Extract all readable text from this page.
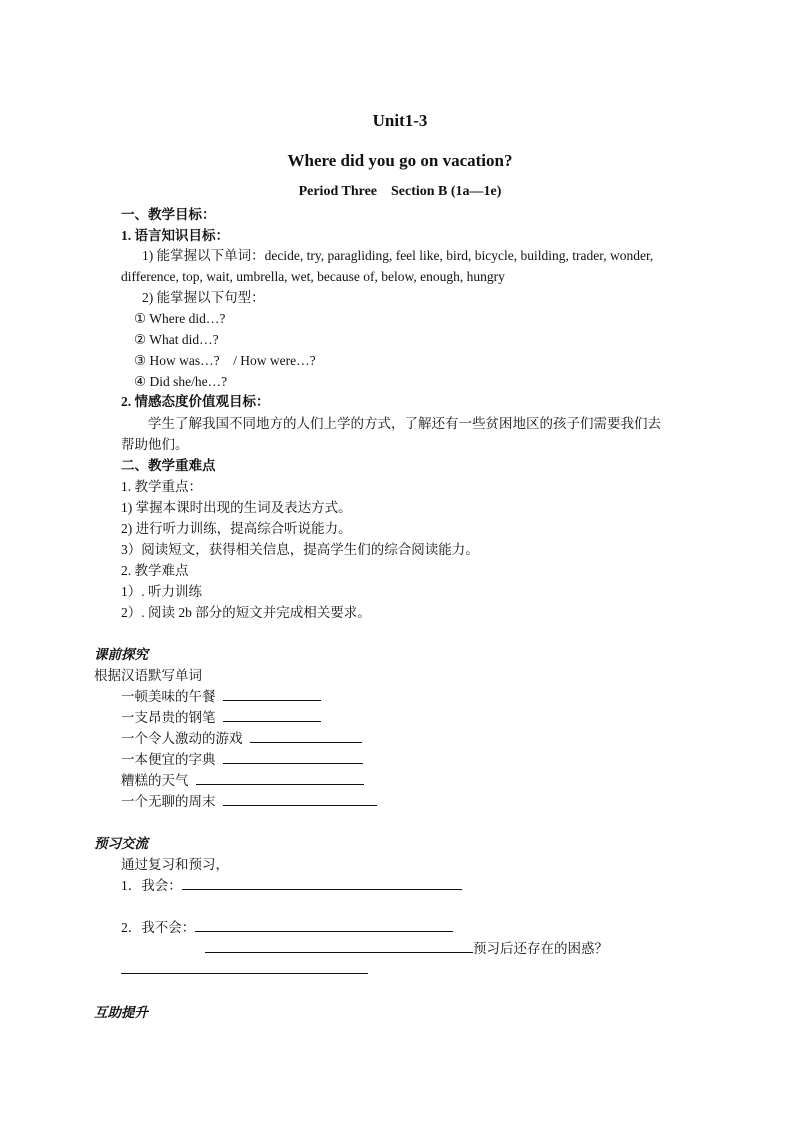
Unit1-3
Where did you go on vacation?
Period Three    Section B (1a—1e)
一、教学目标：
1. 语言知识目标：
1) 能掌握以下单词：decide, try, paragliding, feel like, bird, bicycle, building, trader, wonder,
difference, top, wait, umbrella, wet, because of, below, enough, hungry
2) 能掌握以下句型：
① Where did…?
② What did…?
③ How was…?    / How were…?
④ Did she/he…?
2. 情感态度价值观目标：
学生了解我国不同地方的人们上学的方式，了解还有一些贫困地区的孩子们需要我们去
帮助他们。
二、教学重难点
1. 教学重点：
1) 掌握本课时出现的生词及表达方式。
2) 进行听力训练，提高综合听说能力。
3）阅读短文，获得相关信息，提高学生们的综合阅读能力。
2. 教学难点
1）. 听力训练
2）. 阅读 2b 部分的短文并完成相关要求。
课前探究
根据汉语默写单词
一顿美味的午餐
一支昂贵的钢笔
一个令人激动的游戏
一本便宜的字典
糟糕的天气
一个无聊的周末
预习交流
通过复习和预习，
1．我会：
2．我不会：
预习后还存在的困惑？
互助提升
